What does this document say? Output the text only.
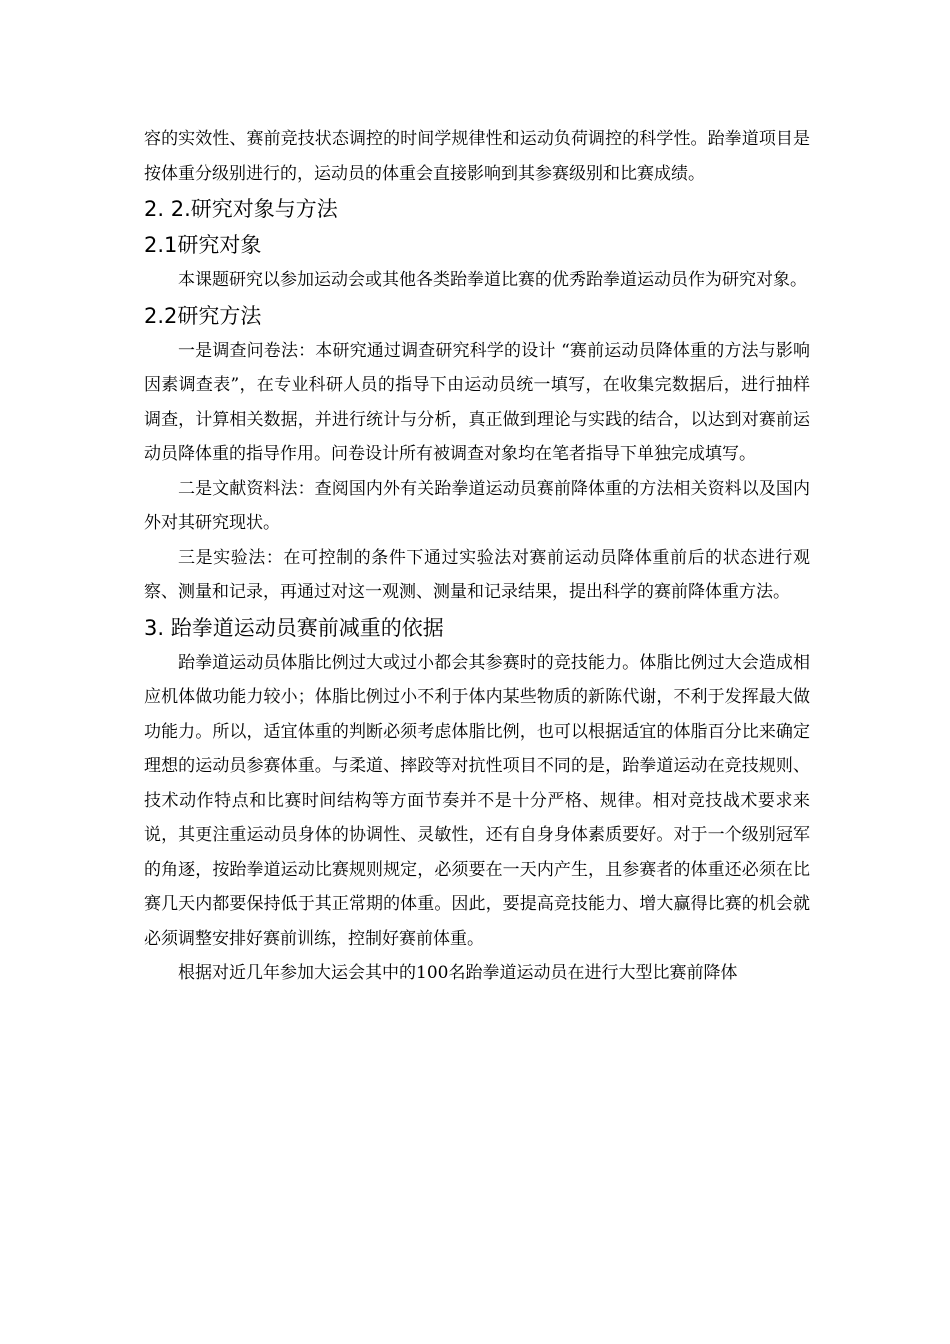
容的实效性、赛前竞技状态调控的时间学规律性和运动负荷调控的科学性。跆拳道项目是按体重分级别进行的，运动员的体重会直接影响到其参赛级别和比赛成绩。

2. 2.研究对象与方法
2.1研究对象

本课题研究以参加运动会或其他各类跆拳道比赛的优秀跆拳道运动员作为研究对象。

2.2研究方法

一是调查问卷法：本研究通过调查研究科学的设计 “赛前运动员降体重的方法与影响因素调查表”，在专业科研人员的指导下由运动员统一填写，在收集完数据后，进行抽样调查，计算相关数据，并进行统计与分析，真正做到理论与实践的结合，以达到对赛前运动员降体重的指导作用。问卷设计所有被调查对象均在笔者指导下单独完成填写。

二是文献资料法：查阅国内外有关跆拳道运动员赛前降体重的方法相关资料以及国内外对其研究现状。

三是实验法：在可控制的条件下通过实验法对赛前运动员降体重前后的状态进行观察、测量和记录，再通过对这一观测、测量和记录结果，提出科学的赛前降体重方法。

3. 跆拳道运动员赛前减重的依据

跆拳道运动员体脂比例过大或过小都会其参赛时的竞技能力。体脂比例过大会造成相应机体做功能力较小；体脂比例过小不利于体内某些物质的新陈代谢，不利于发挥最大做功能力。所以，适宜体重的判断必须考虑体脂比例，也可以根据适宜的体脂百分比来确定理想的运动员参赛体重。与柔道、摔跤等对抗性项目不同的是，跆拳道运动在竞技规则、技术动作特点和比赛时间结构等方面节奏并不是十分严格、规律。相对竞技战术要求来说，其更注重运动员身体的协调性、灵敏性，还有自身身体素质要好。对于一个级别冠军的角逐，按跆拳道运动比赛规则规定，必须要在一天内产生，且参赛者的体重还必须在比赛几天内都要保持低于其正常期的体重。因此，要提高竞技能力、增大赢得比赛的机会就必须调整安排好赛前训练，控制好赛前体重。

根据对近几年参加大运会其中的100名跆拳道运动员在进行大型比赛前降体
